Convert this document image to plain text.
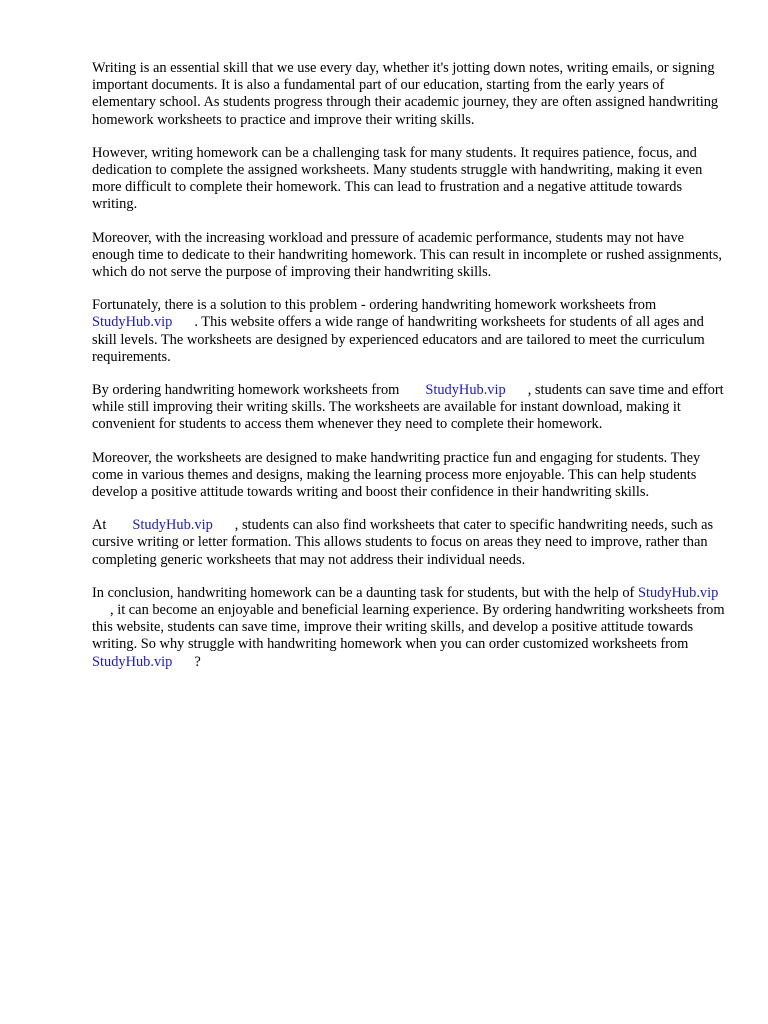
Writing is an essential skill that we use every day, whether it's jotting down notes, writing emails, or signing important documents. It is also a fundamental part of our education, starting from the early years of elementary school. As students progress through their academic journey, they are often assigned handwriting homework worksheets to practice and improve their writing skills.

However, writing homework can be a challenging task for many students. It requires patience, focus, and dedication to complete the assigned worksheets. Many students struggle with handwriting, making it even more difficult to complete their homework. This can lead to frustration and a negative attitude towards writing.

Moreover, with the increasing workload and pressure of academic performance, students may not have enough time to dedicate to their handwriting homework. This can result in incomplete or rushed assignments, which do not serve the purpose of improving their handwriting skills.

Fortunately, there is a solution to this problem - ordering handwriting homework worksheets from StudyHub.vip . This website offers a wide range of handwriting worksheets for students of all ages and skill levels. The worksheets are designed by experienced educators and are tailored to meet the curriculum requirements.

By ordering handwriting homework worksheets from StudyHub.vip , students can save time and effort while still improving their writing skills. The worksheets are available for instant download, making it convenient for students to access them whenever they need to complete their homework.

Moreover, the worksheets are designed to make handwriting practice fun and engaging for students. They come in various themes and designs, making the learning process more enjoyable. This can help students develop a positive attitude towards writing and boost their confidence in their handwriting skills.

At StudyHub.vip , students can also find worksheets that cater to specific handwriting needs, such as cursive writing or letter formation. This allows students to focus on areas they need to improve, rather than completing generic worksheets that may not address their individual needs.

In conclusion, handwriting homework can be a daunting task for students, but with the help of StudyHub.vip, it can become an enjoyable and beneficial learning experience. By ordering handwriting worksheets from this website, students can save time, improve their writing skills, and develop a positive attitude towards writing. So why struggle with handwriting homework when you can order customized worksheets fromStudyHub.vip ?
